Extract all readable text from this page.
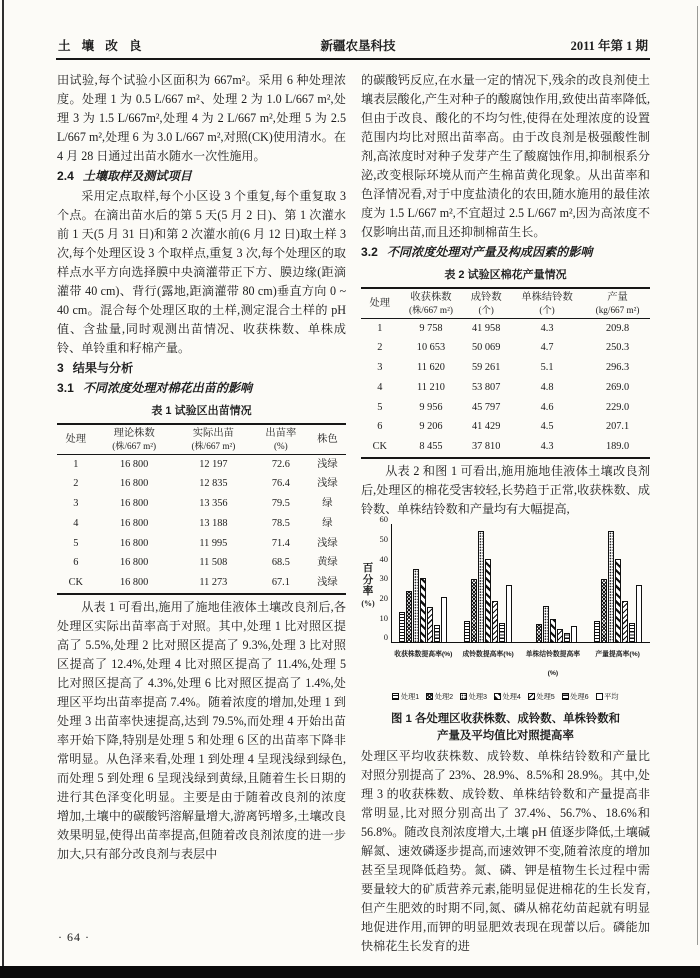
土 壤 改 良	新疆农垦科技	2011 年第 1 期

田试验,每个试验小区面积为 667m²。采用 6 种处理浓度。处理 1 为 0.5 L/667 m²、处理 2 为 1.0 L/667 m²,处理 3 为 1.5 L/667m²,处理 4 为 2 L/667 m²,处理 5 为 2.5 L/667 m²,处理 6 为 3.0 L/667 m²,对照(CK)使用清水。在 4 月 28 日通过出苗水随水一次性施用。

2.4 土壤取样及测试项目

采用定点取样,每个小区设 3 个重复,每个重复取 3 个点。在滴出苗水后的第 5 天(5 月 2 日)、第 1 次灌水前 1 天(5 月 31 日)和第 2 次灌水前(6 月 12 日)取土样 3 次,每个处理区设 3 个取样点,重复 3 次,每个处理区的取样点水平方向选择膜中央滴灌带正下方、膜边缘(距滴灌带 40 cm)、背行(露地,距滴灌带 80 cm)垂直方向 0 ~ 40 cm。混合每个处理区取的土样,测定混合土样的 pH 值、含盐量,同时观测出苗情况、收获株数、单株成铃、单铃重和籽棉产量。

3 结果与分析

3.1 不同浓度处理对棉花出苗的影响

表 1 试验区出苗情况

处理

理论株数
(株/667 m²)

实际出苗
(株/667 m²)

出苗率
(%)

株色

1	16 800	12 197	72.6	浅绿
2	16 800	12 835	76.4	浅绿
3	16 800	13 356	79.5	绿
4	16 800	13 188	78.5	绿
5	16 800	11 995	71.4	浅绿
6	16 800	11 508	68.5	黄绿
CK	16 800	11 273	67.1	浅绿

从表 1 可看出,施用了施地佳液体土壤改良剂后,各处理区实际出苗率高于对照。其中,处理 1 比对照区提高了 5.5%,处理 2 比对照区提高了 9.3%,处理 3 比对照区提高了 12.4%,处理 4 比对照区提高了 11.4%,处理 5 比对照区提高了 4.3%,处理 6 比对照区提高了 1.4%,处理区平均出苗率提高 7.4%。随着浓度的增加,处理 1 到处理 3 出苗率快速提高,达到 79.5%,而处理 4 开始出苗率开始下降,特别是处理 5 和处理 6 区的出苗率下降非常明显。从色泽来看,处理 1 到处理 4 呈现浅绿到绿色,而处理 5 到处理 6 呈现浅绿到黄绿,且随着生长日期的进行其色泽变化明显。主要是由于随着改良剂的浓度增加,土壤中的碳酸钙溶解量增大,游离钙增多,土壤改良效果明显,使得出苗率提高,但随着改良剂浓度的进一步加大,只有部分改良剂与表层中

的碳酸钙反应,在水量一定的情况下,残余的改良剂使土壤表层酸化,产生对种子的酸腐蚀作用,致使出苗率降低,但由于改良、酸化的不均匀性,使得在处理浓度的设置范围内均比对照出苗率高。由于改良剂是极强酸性制剂,高浓度时对种子发芽产生了酸腐蚀作用,抑制根系分泌,改变根际环境从而产生棉苗黄化现象。从出苗率和色泽情况看,对于中度盐渍化的农田,随水施用的最佳浓度为 1.5 L/667 m²,不宜超过 2.5 L/667 m²,因为高浓度不仅影响出苗,而且还抑制棉苗生长。

3.2 不同浓度处理对产量及构成因素的影响

表 2 试验区棉花产量情况

处理

收获株数
(株/667 m²)

成铃数
(个)

单株结铃数
(个)

产量
(kg/667 m²)

1	9 758	41 958	4.3	209.8
2	10 653	50 069	4.7	250.3
3	11 620	59 261	5.1	296.3
4	11 210	53 807	4.8	269.0
5	9 956	45 797	4.6	229.0
6	9 206	41 429	4.5	207.1
CK	8 455	37 810	4.3	189.0

从表 2 和图 1 可看出,施用施地佳液体土壤改良剂后,处理区的棉花受害较轻,长势趋于正常,收获株数、成铃数、单株结铃数和产量均有大幅提高,

百
分
率
(%)
0
10
20
30
40
50
60
收获株数提高率(%)	成铃数提高率(%)	单株结铃数提高率(%)
产量提高率(%)
处理1	处理2	处理3	处理4	处理5	处理6	平均
图 1 各处理区收获株数、成铃数、单株铃数和产量及平均值比对照提高率

处理区平均收获株数、成铃数、单株结铃数和产量比对照分别提高了 23%、28.9%、8.5%和 28.9%。其中,处理 3 的收获株数、成铃数、单株结铃数和产量提高非常明显,比对照分别高出了 37.4%、56.7%、18.6%和 56.8%。随改良剂浓度增大,土壤 pH 值逐步降低,土壤碱解氮、速效磷逐步提高,而速效钾不变,随着浓度的增加甚至呈现降低趋势。氮、磷、钾是植物生长过程中需要量较大的矿质营养元素,能明显促进棉花的生长发育,但产生肥效的时期不同,氮、磷从棉花幼苗起就有明显地促进作用,而钾的明显肥效表现在现蕾以后。磷能加快棉花生长发育的进

· 64 ·
